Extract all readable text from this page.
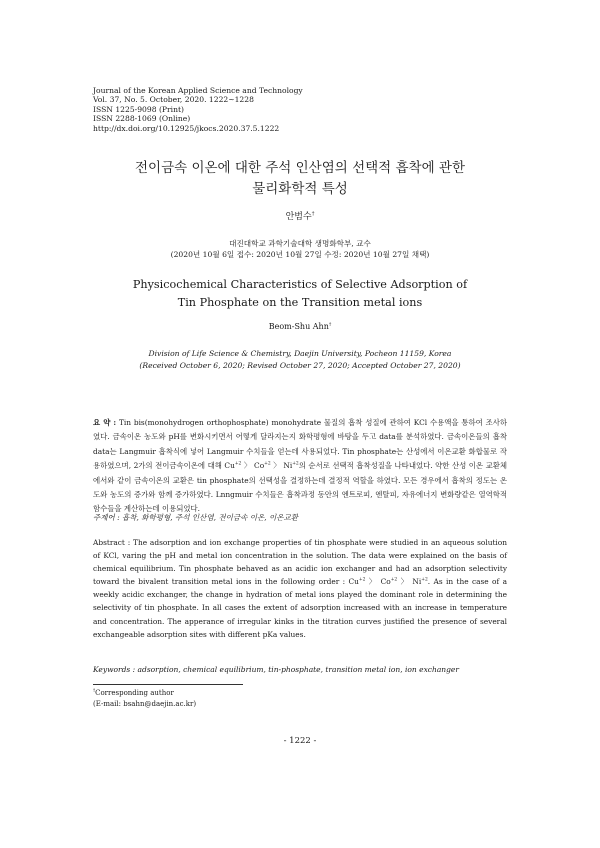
Journal of the Korean Applied Science and Technology
Vol. 37, No. 5. October, 2020. 1222~1228
ISSN 1225-9098 (Print)
ISSN 2288-1069 (Online)
http://dx.doi.org/10.12925/jkocs.2020.37.5.1222
전이금속 이온에 대한 주석 인산염의 선택적 흡착에 관한
물리화학적 특성
안범수†
대진대학교 과학기술대학 생명화학부, 교수
(2020년 10월 6일 접수: 2020년 10월 27일 수정: 2020년 10월 27일 채택)
Physicochemical Characteristics of Selective Adsorption of
Tin Phosphate on the Transition metal ions
Beom-Shu Ahn†
Division of Life Science & Chemistry, Daejin University, Pocheon 11159, Korea
(Received October 6, 2020; Revised October 27, 2020; Accepted October 27, 2020)
요 약 : Tin bis(monohydrogen orthophosphate) monohydrate 물질의 흡착 성질에 관하여 KCl 수용액을 통하여 조사하였다. 금속이온 농도와 pH를 변화시키면서 어떻게 달라지는지 화학평형에 바탕을 두고 data를 분석하였다. 금속이온들의 흡착 data는 Langmuir 흡착식에 넣어 Langmuir 수치들을 얻는데 사용되었다. Tin phosphate는 산성에서 이온교환 화합물로 작용하였으며, 2가의 전이금속이온에 대해 $Cu^{+2}$ 〉 $Co^{+2}$ 〉 $Ni^{+2}$의 순서로 선택적 흡착성질을 나타내었다. 약한 산성 이온 교환체에서와 같이 금속이온의 교환은 tin phosphate의 선택성을 결정하는데 결정적 역할을 하였다. 모든 경우에서 흡착의 정도는 온도와 농도의 증가와 함께 증가하였다. Lnngmuir 수치들은 흡착과정 동안의 엔트로피, 엔탈피, 자유에너지 변화량같은 열역학적 함수들을 계산하는데 이용되었다.
주제어 : 흡착, 화학평형, 주석 인산염, 전이금속 이온, 이온교환
Abstract : The adsorption and ion exchange properties of tin phosphate were studied in an aqueous solution of KCl, varing the pH and metal ion concentration in the solution. The data were explained on the basis of chemical equilibrium. Tin phosphate behaved as an acidic ion exchanger and had an adsorption selectivity toward the bivalent transition metal ions in the following order : $Cu^{+2}$ 〉 $Co^{+2}$ 〉 $Ni^{+2}$. As in the case of a weekly acidic exchanger, the change in hydration of metal ions played the dominant role in determining the selectivity of tin phosphate. In all cases the extent of adsorption increased with an increase in temperature and concentration. The apperance of irregular kinks in the titration curves justified the presence of several exchangeable adsorption sites with different pKa values.
Keywords : adsorption, chemical equilibrium, tin-phosphate, transition metal ion, ion exchanger
†Corresponding author
(E-mail: bsahn@daejin.ac.kr)
- 1222 -
